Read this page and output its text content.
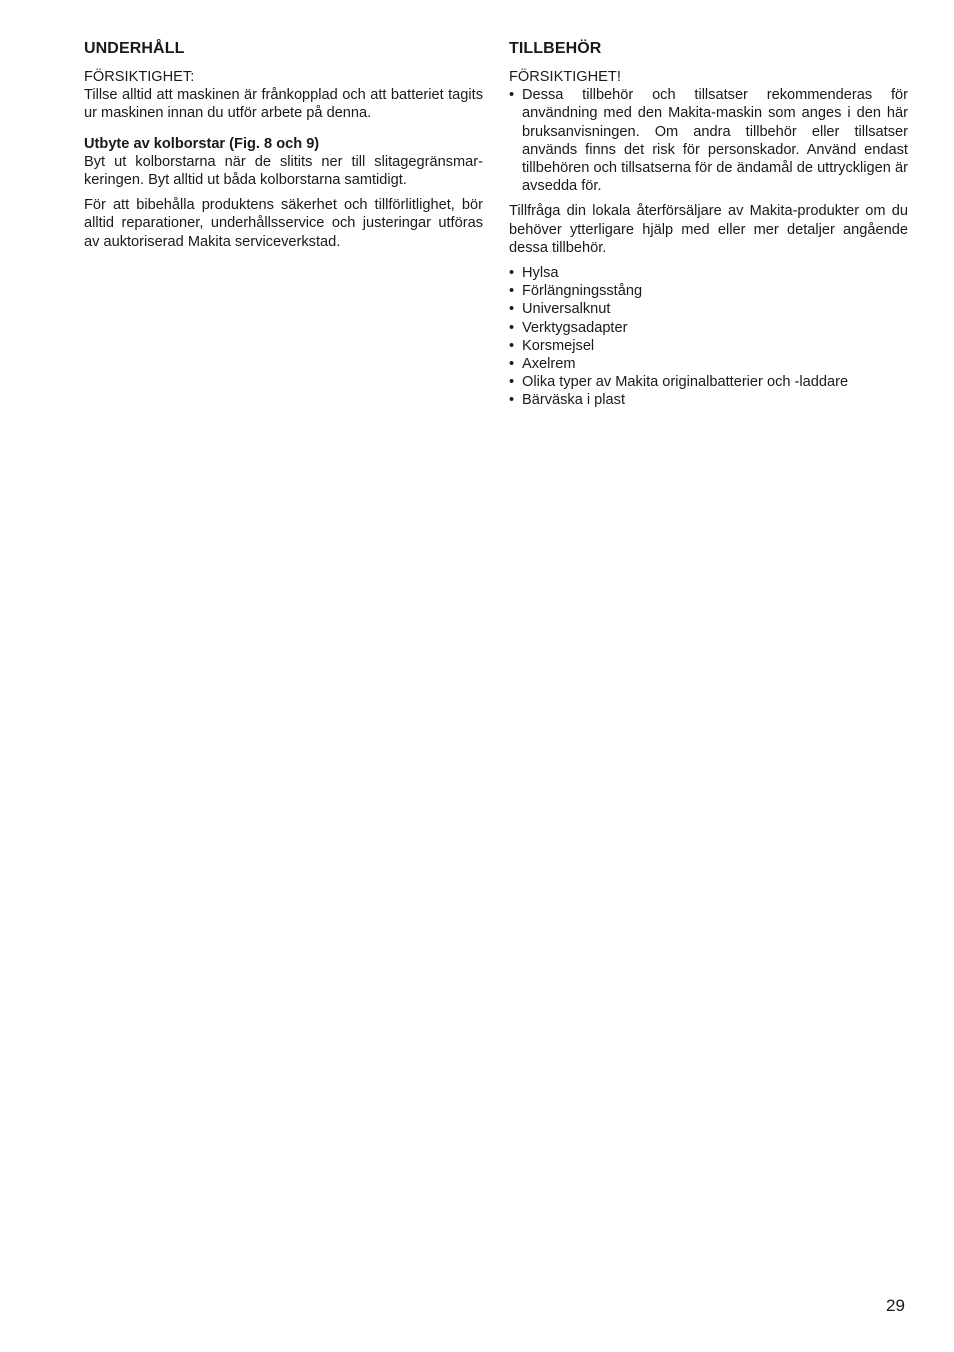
UNDERHÅLL

FÖRSIKTIGHET:

Tillse alltid att maskinen är frånkopplad och att batteriet tagits ur maskinen innan du utför arbete på denna.

Utbyte av kolborstar (Fig. 8 och 9)

Byt ut kolborstarna när de slitits ner till slitagegränsmarkeringen. Byt alltid ut båda kolborstarna samtidigt.

För att bibehålla produktens säkerhet och tillförlitlighet, bör alltid reparationer, underhållsservice och justeringar utföras av auktoriserad Makita serviceverkstad.

TILLBEHÖR

FÖRSIKTIGHET!

• Dessa tillbehör och tillsatser rekommenderas för användning med den Makita-maskin som anges i den här bruksanvisningen. Om andra tillbehör eller tillsatser används finns det risk för personskador. Använd endast tillbehören och tillsatserna för de ändamål de uttryckligen är avsedda för.

Tillfråga din lokala återförsäljare av Makita-produkter om du behöver ytterligare hjälp med eller mer detaljer angående dessa tillbehör.

• Hylsa
• Förlängningsstång
• Universalknut
• Verktygsadapter
• Korsmejsel
• Axelrem
• Olika typer av Makita originalbatterier och -laddare
• Bärväska i plast
29
